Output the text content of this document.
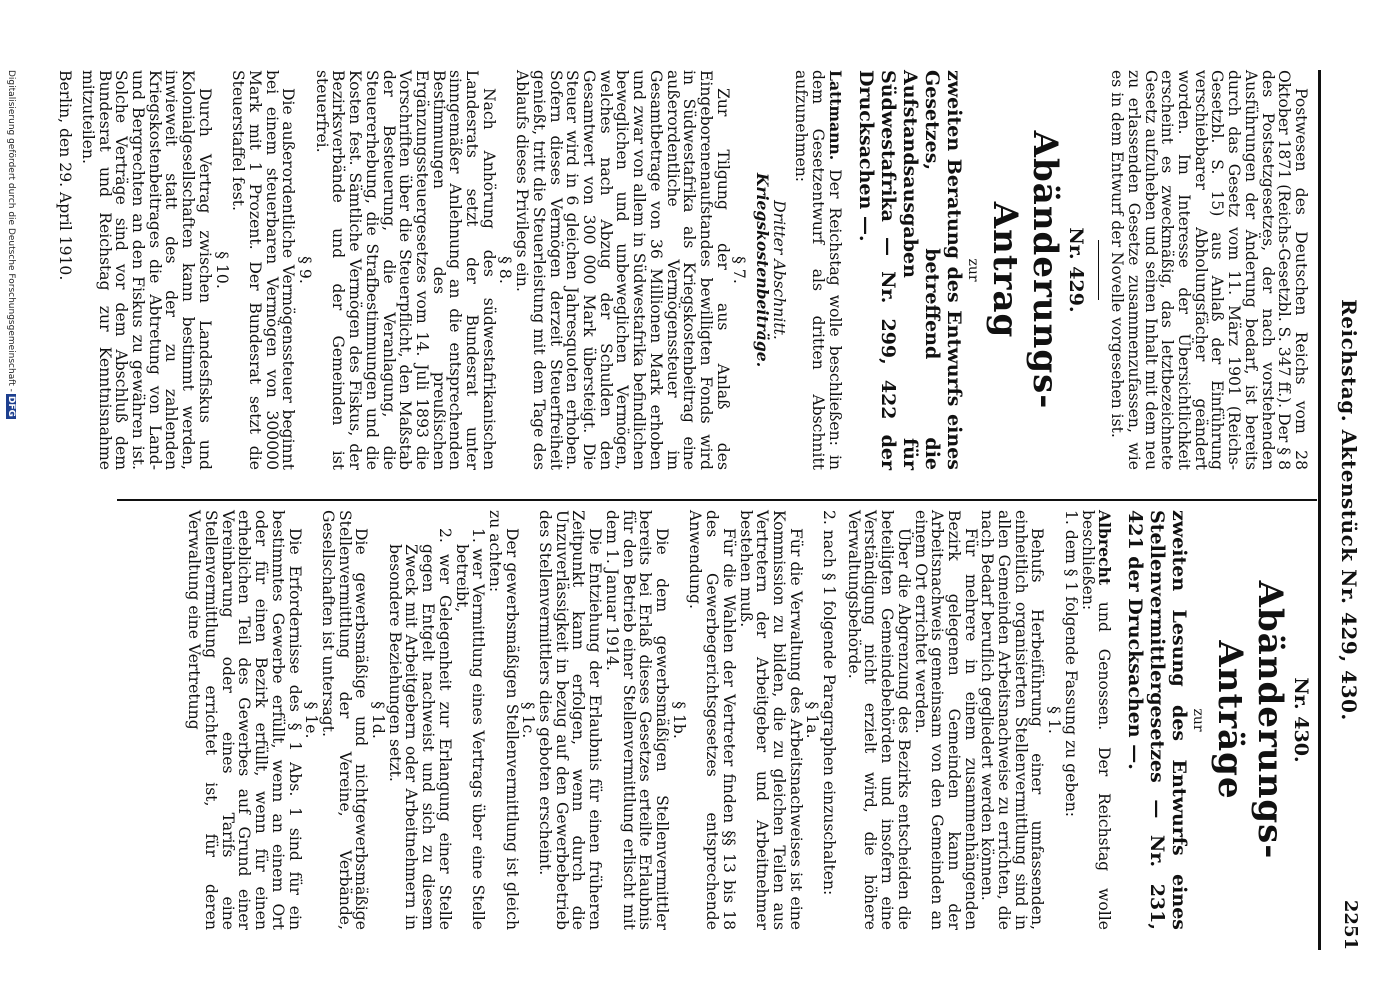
Reichstag. Aktenstück Nr. 429, 430.
2251

Postwesen des Deutschen Reichs vom 28 Oktober 1871 (Reichs-Gesetzbl. S. 347 ff.). Der § 8 des Postsetzgesetzes, der nach vorstehenden Ausführungen der Änderung bedarf, ist bereits durch das Gesetz vom 11. März 1901 (Reichs-Gesetzbl. S. 15) aus Anlaß der Einführung verschiebbarer Abholungsfächer geändert worden. Im Interesse der Übersichtlichkeit erscheint es zweckmäßig, das letztbezeichnete Gesetz aufzuheben und seinen Inhalt mit dem neu zu erlassenden Gesetze zusammenzufassen, wie es in dem Entwurf der Novelle vorgesehen ist.

Nr. 429.
Abänderungs-Antrag
zur
zweiten Beratung des Entwurfs eines Gesetzes, betreffend die Aufstandsausgaben für Südwestafrika — Nr. 299, 422 der Drucksachen —.

Lattmann. Der Reichstag wolle beschließen: in dem Gesetzentwurf als dritten Abschnitt aufzunehmen:

Dritter Abschnitt.
Kriegskostenbeiträge.
§ 7.

Zur Tilgung der aus Anlaß des Eingeborenenaufstandes bewilligten Fonds wird in Südwestafrika als Kriegskostenbeitrag eine außerordentliche Vermögenssteuer im Gesamtbetrage von 36 Millionen Mark erhoben und zwar von allem in Südwestafrika befindlichen beweglichen und unbeweglichen Vermögen, welches nach Abzug der Schulden den Gesamtwert von 300 000 Mark übersteigt. Die Steuer wird in 6 gleichen Jahresquoten erhoben. Sofern dieses Vermögen derzeit Steuerfreiheit genießt, tritt die Steuerleistung mit dem Tage des Ablaufs dieses Privilegs ein.

§ 8.

Nach Anhörung des südwestafrikanischen Landesrats setzt der Bundesrat unter sinngemäßer Anlehnung an die entsprechenden Bestimmungen des preußischen Ergänzungssteuergesetzes vom 14. Juli 1893 die Vorschriften über die Steuerpflicht, den Maßstab der Besteuerung, die Veranlagung, die Steuererhebung, die Strafbestimmungen und die Kosten fest. Sämtliche Vermögen des Fiskus, der Bezirksverbände und der Gemeinden ist steuerfrei.

§ 9.

Die außerordentliche Vermögenssteuer beginnt bei einem steuerbaren Vermögen von 300000 Mark mit 1 Prozent. Der Bundesrat setzt die Steuerstaffel fest.

§ 10.

Durch Vertrag zwischen Landesfiskus und Kolonialgesellschaften kann bestimmt werden, inwieweit statt des der zu zahlenden Kriegskostenbeitrages die Abtretung von Land- und Bergrechten an den Fiskus zu gewähren ist. Solche Verträge sind vor dem Abschluß dem Bundesrat und Reichstag zur Kenntnisnahme mitzuteilen.

Berlin, den 29. April 1910.

Nr. 430.
Abänderungs-Anträge
zur
zweiten Lesung des Entwurfs eines Stellenvermittlergesetzes — Nr. 231, 421 der Drucksachen —.

Albrecht und Genossen. Der Reichstag wolle beschließen:

1. dem § 1 folgende Fassung zu geben:

§ 1.

Behufs Herbeiführung einer umfassenden, einheitlich organisierten Stellenvermittlung sind in allen Gemeinden Arbeitsnachweise zu errichten, die nach Bedarf beruflich gegliedert werden können.

Für mehrere in einem zusammenhängenden Bezirk gelegenen Gemeinden kann der Arbeitsnachweis gemeinsam von den Gemeinden an einem Ort errichtet werden.

Über die Abgrenzung des Bezirks entscheiden die beteiligten Gemeindebehörden und insofern eine Verständigung nicht erzielt wird, die höhere Verwaltungsbehörde.

2. nach § 1 folgende Paragraphen einzuschalten:

§ 1a.

Für die Verwaltung des Arbeitsnachweises ist eine Kommission zu bilden, die zu gleichen Teilen aus Vertretern der Arbeitgeber und Arbeitnehmer bestehen muß.

Für die Wahlen der Vertreter finden §§ 13 bis 18 des Gewerbegerichtsgesetzes entsprechende Anwendung.

§ 1b.

Die dem gewerbsmäßigen Stellenvermittler bereits bei Erlaß dieses Gesetzes erteilte Erlaubnis für den Betrieb einer Stellenvermittlung erlischt mit dem 1. Januar 1914.

Die Entziehung der Erlaubnis für einen früheren Zeitpunkt kann erfolgen, wenn durch die Unzuverlässigkeit in bezug auf den Gewerbebetrieb des Stellenvermittlers dies geboten erscheint.

§ 1c.

Der gewerbsmäßigen Stellenvermittlung ist gleich zu achten:

1. wer Vermittlung eines Vertrags über eine Stelle betreibt,

2. wer Gelegenheit zur Erlangung einer Stelle gegen Entgelt nachweist und sich zu diesem Zweck mit Arbeitgebern oder Arbeitnehmern in besondere Beziehungen setzt.

§ 1d.

Die gewerbsmäßige und nichtgewerbsmäßige Stellenvermittlung der Vereine, Verbände, Gesellschaften ist untersagt.

§ 1e.

Die Erfordernisse des § 1 Abs. 1 sind für ein bestimmtes Gewerbe erfüllt, wenn an einem Ort oder für einen Bezirk erfüllt, wenn für einen erheblichen Teil des Gewerbes auf Grund einer Vereinbarung oder eines Tarifs eine Stellenvermittlung errichtet ist, für deren Verwaltung eine Vertretung

Digitalisierung gefördert durch die Deutsche Forschungsgemeinschaft -DFG
